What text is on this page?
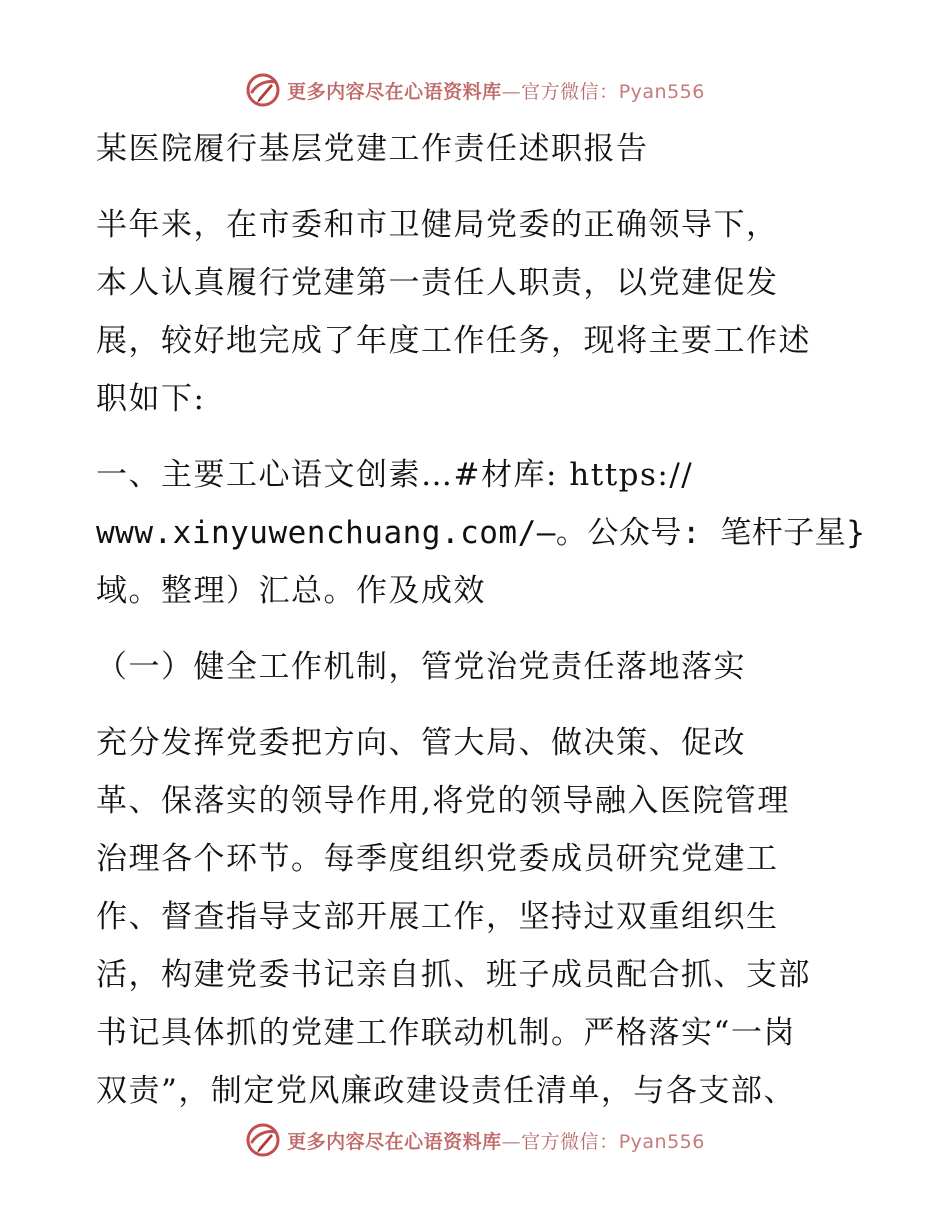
更多内容尽在心语资料库—官方微信：Pyan556
某医院履行基层党建工作责任述职报告
半年来，在市委和市卫健局党委的正确领导下，
本人认真履行党建第一责任人职责，以党建促发
展，较好地完成了年度工作任务，现将主要工作述
职如下:
一、主要工心语文创素…#材库: https://
www.xinyuwenchuang.com/—。公众号: 笔杆子星}
域。整理）汇总。作及成效
（一）健全工作机制，管党治党责任落地落实
充分发挥党委把方向、管大局、做决策、促改
革、保落实的领导作用,将党的领导融入医院管理
治理各个环节。每季度组织党委成员研究党建工
作、督查指导支部开展工作，坚持过双重组织生
活，构建党委书记亲自抓、班子成员配合抓、支部
书记具体抓的党建工作联动机制。严格落实“一岗
双责”，制定党风廉政建设责任清单，与各支部、
更多内容尽在心语资料库—官方微信：Pyan556
